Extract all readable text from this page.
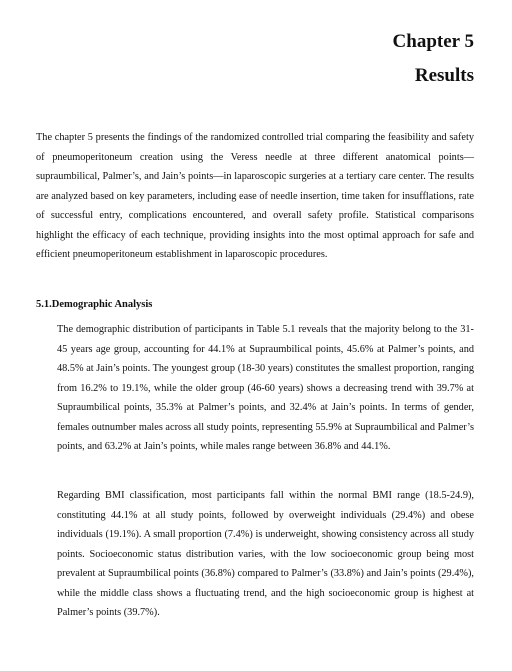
Chapter 5
Results

The chapter 5 presents the findings of the randomized controlled trial comparing the feasibility and safety of pneumoperitoneum creation using the Veress needle at three different anatomical points—supraumbilical, Palmer’s, and Jain’s points—in laparoscopic surgeries at a tertiary care center. The results are analyzed based on key parameters, including ease of needle insertion, time taken for insufflations, rate of successful entry, complications encountered, and overall safety profile. Statistical comparisons highlight the efficacy of each technique, providing insights into the most optimal approach for safe and efficient pneumoperitoneum establishment in laparoscopic procedures.

5.1.Demographic Analysis

The demographic distribution of participants in Table 5.1 reveals that the majority belong to the 31-45 years age group, accounting for 44.1% at Supraumbilical points, 45.6% at Palmer’s points, and 48.5% at Jain’s points. The youngest group (18-30 years) constitutes the smallest proportion, ranging from 16.2% to 19.1%, while the older group (46-60 years) shows a decreasing trend with 39.7% at Supraumbilical points, 35.3% at Palmer’s points, and 32.4% at Jain’s points. In terms of gender, females outnumber males across all study points, representing 55.9% at Supraumbilical and Palmer’s points, and 63.2% at Jain’s points, while males range between 36.8% and 44.1%.

Regarding BMI classification, most participants fall within the normal BMI range (18.5-24.9), constituting 44.1% at all study points, followed by overweight individuals (29.4%) and obese individuals (19.1%). A small proportion (7.4%) is underweight, showing consistency across all study points. Socioeconomic status distribution varies, with the low socioeconomic group being most prevalent at Supraumbilical points (36.8%) compared to Palmer’s (33.8%) and Jain’s points (29.4%), while the middle class shows a fluctuating trend, and the high socioeconomic group is highest at Palmer’s points (39.7%).
